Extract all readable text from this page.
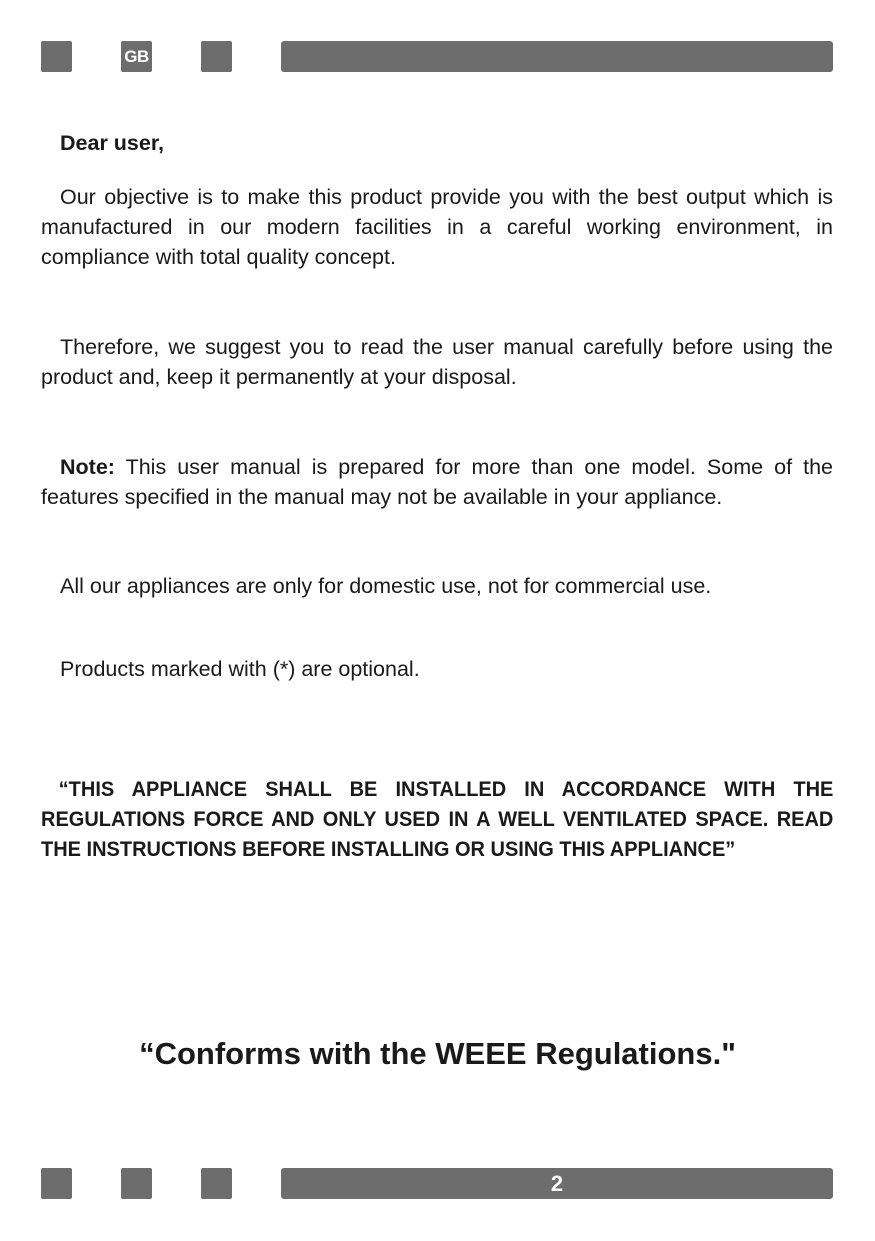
GB
Dear user,
Our objective is to make this product provide you with the best output which is manufactured in our modern facilities in a careful working environment, in compliance with total quality concept.
Therefore, we suggest you to read the user manual carefully before using the product and, keep it permanently at your disposal.
Note: This user manual is prepared for more than one model. Some of the features specified in the manual may not be available in your appliance.
All our appliances are only for domestic use, not for commercial use.
Products marked with (*) are optional.
“THIS APPLIANCE SHALL BE INSTALLED IN ACCORDANCE WITH THE REGULATIONS FORCE AND ONLY USED IN A WELL VENTILATED SPACE. READ THE INSTRUCTIONS BEFORE INSTALLING OR USING THIS APPLIANCE”
“Conforms with the WEEE Regulations."
2
